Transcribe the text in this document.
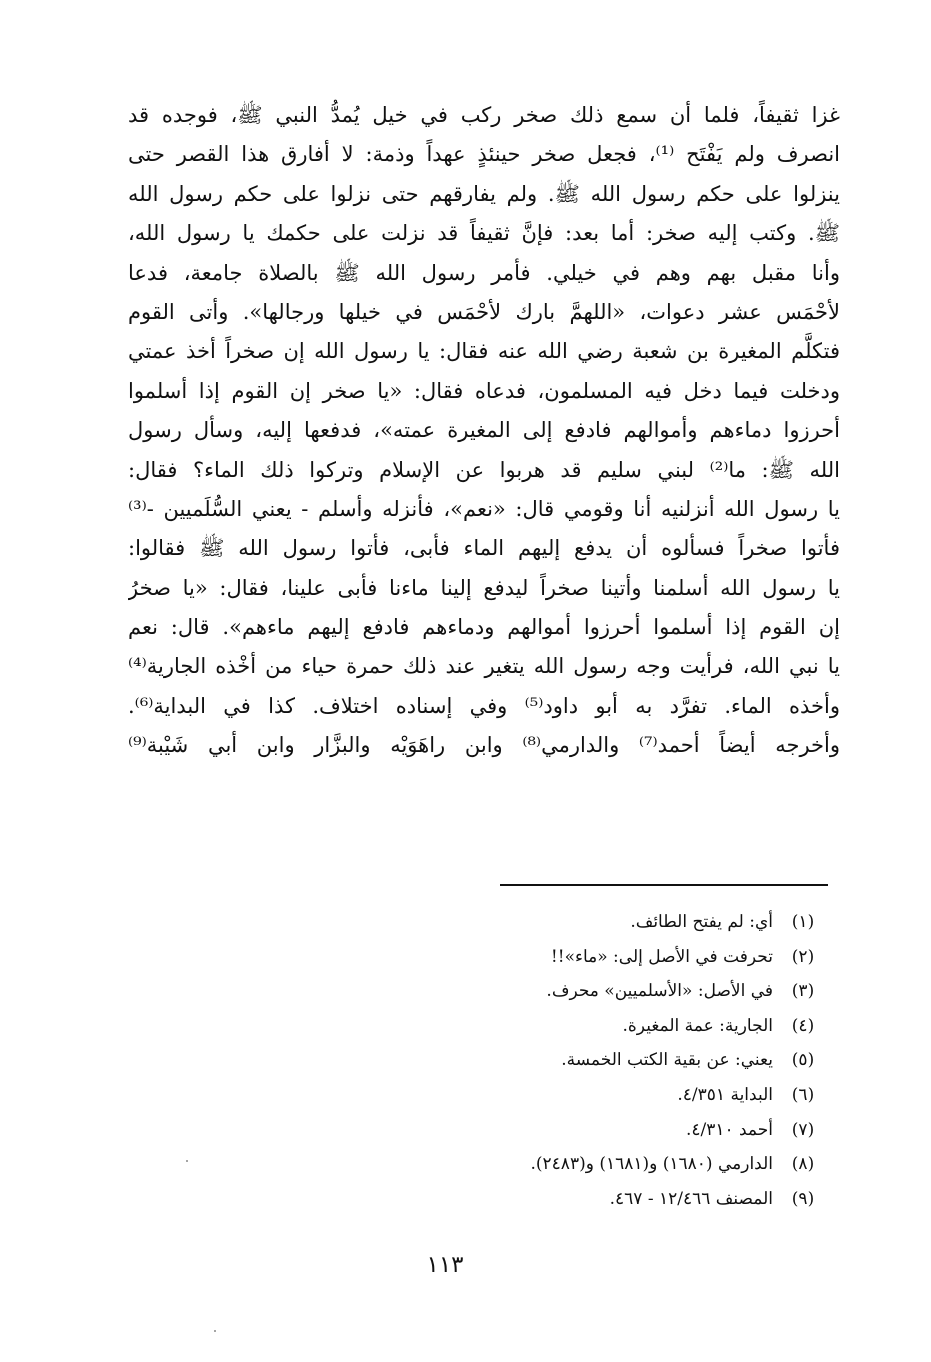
غزا ثقيفاً، فلما أن سمع ذلك صخر ركب في خيل يُمدُّ النبي ﷺ، فوجده قد
انصرف ولم يَفْتَح ⁽¹⁾، فجعل صخر حينئذٍ عهداً وذمة: لا أفارق هذا القصر حتى
ينزلوا على حكم رسول الله ﷺ. ولم يفارقهم حتى نزلوا على حكم رسول الله
ﷺ. وكتب إليه صخر: أما بعد: فإنَّ ثقيفاً قد نزلت على حكمك يا رسول الله،
وأنا مقبل بهم وهم في خيلي. فأمر رسول الله ﷺ بالصلاة جامعة، فدعا
لأحْمَس عشر دعوات، «اللهمَّ بارك لأحْمَس في خيلها ورجالها». وأتى القوم
فتكلَّم المغيرة بن شعبة رضي الله عنه فقال: يا رسول الله إن صخراً أخذ عمتي
ودخلت فيما دخل فيه المسلمون، فدعاه فقال: «يا صخر إن القوم إذا أسلموا
أحرزوا دماءهم وأموالهم فادفع إلى المغيرة عمته»، فدفعها إليه، وسأل رسول
الله ﷺ: ما⁽²⁾ لبني سليم قد هربوا عن الإسلام وتركوا ذلك الماء؟ فقال:
يا رسول الله أنزلنيه أنا وقومي قال: «نعم»، فأنزله وأسلم - يعني السُّلَميين -⁽³⁾
فأتوا صخراً فسألوه أن يدفع إليهم الماء فأبى، فأتوا رسول الله ﷺ فقالوا:
يا رسول الله أسلمنا وأتينا صخراً ليدفع إلينا ماءنا فأبى علينا، فقال: «يا صخرُ
إن القوم إذا أسلموا أحرزوا أموالهم ودماءهم فادفع إليهم ماءهم». قال: نعم
يا نبي الله، فرأيت وجه رسول الله يتغير عند ذلك حمرة حياء من أخْذه الجارية⁽⁴⁾
وأخذه الماء. تفرَّد به أبو داود⁽⁵⁾ وفي إسناده اختلاف. كذا في البداية⁽⁶⁾.
وأخرجه أيضاً أحمد⁽⁷⁾ والدارمي⁽⁸⁾ وابن راهَوَيْه والبزَّار وابن أبي شَيْبة⁽⁹⁾
(١)
أي: لم يفتح الطائف.
(٢)
تحرفت في الأصل إلى: «ماء»!!
(٣)
في الأصل: «الأسلميين» محرف.
(٤)
الجارية: عمة المغيرة.
(٥)
يعني: عن بقية الكتب الخمسة.
(٦)
البداية ٤/٣٥١.
(٧)
أحمد ٤/٣١٠.
(٨)
الدارمي (١٦٨٠) و(١٦٨١) و(٢٤٨٣).
(٩)
المصنف ١٢/٤٦٦ - ٤٦٧.
١١٣
